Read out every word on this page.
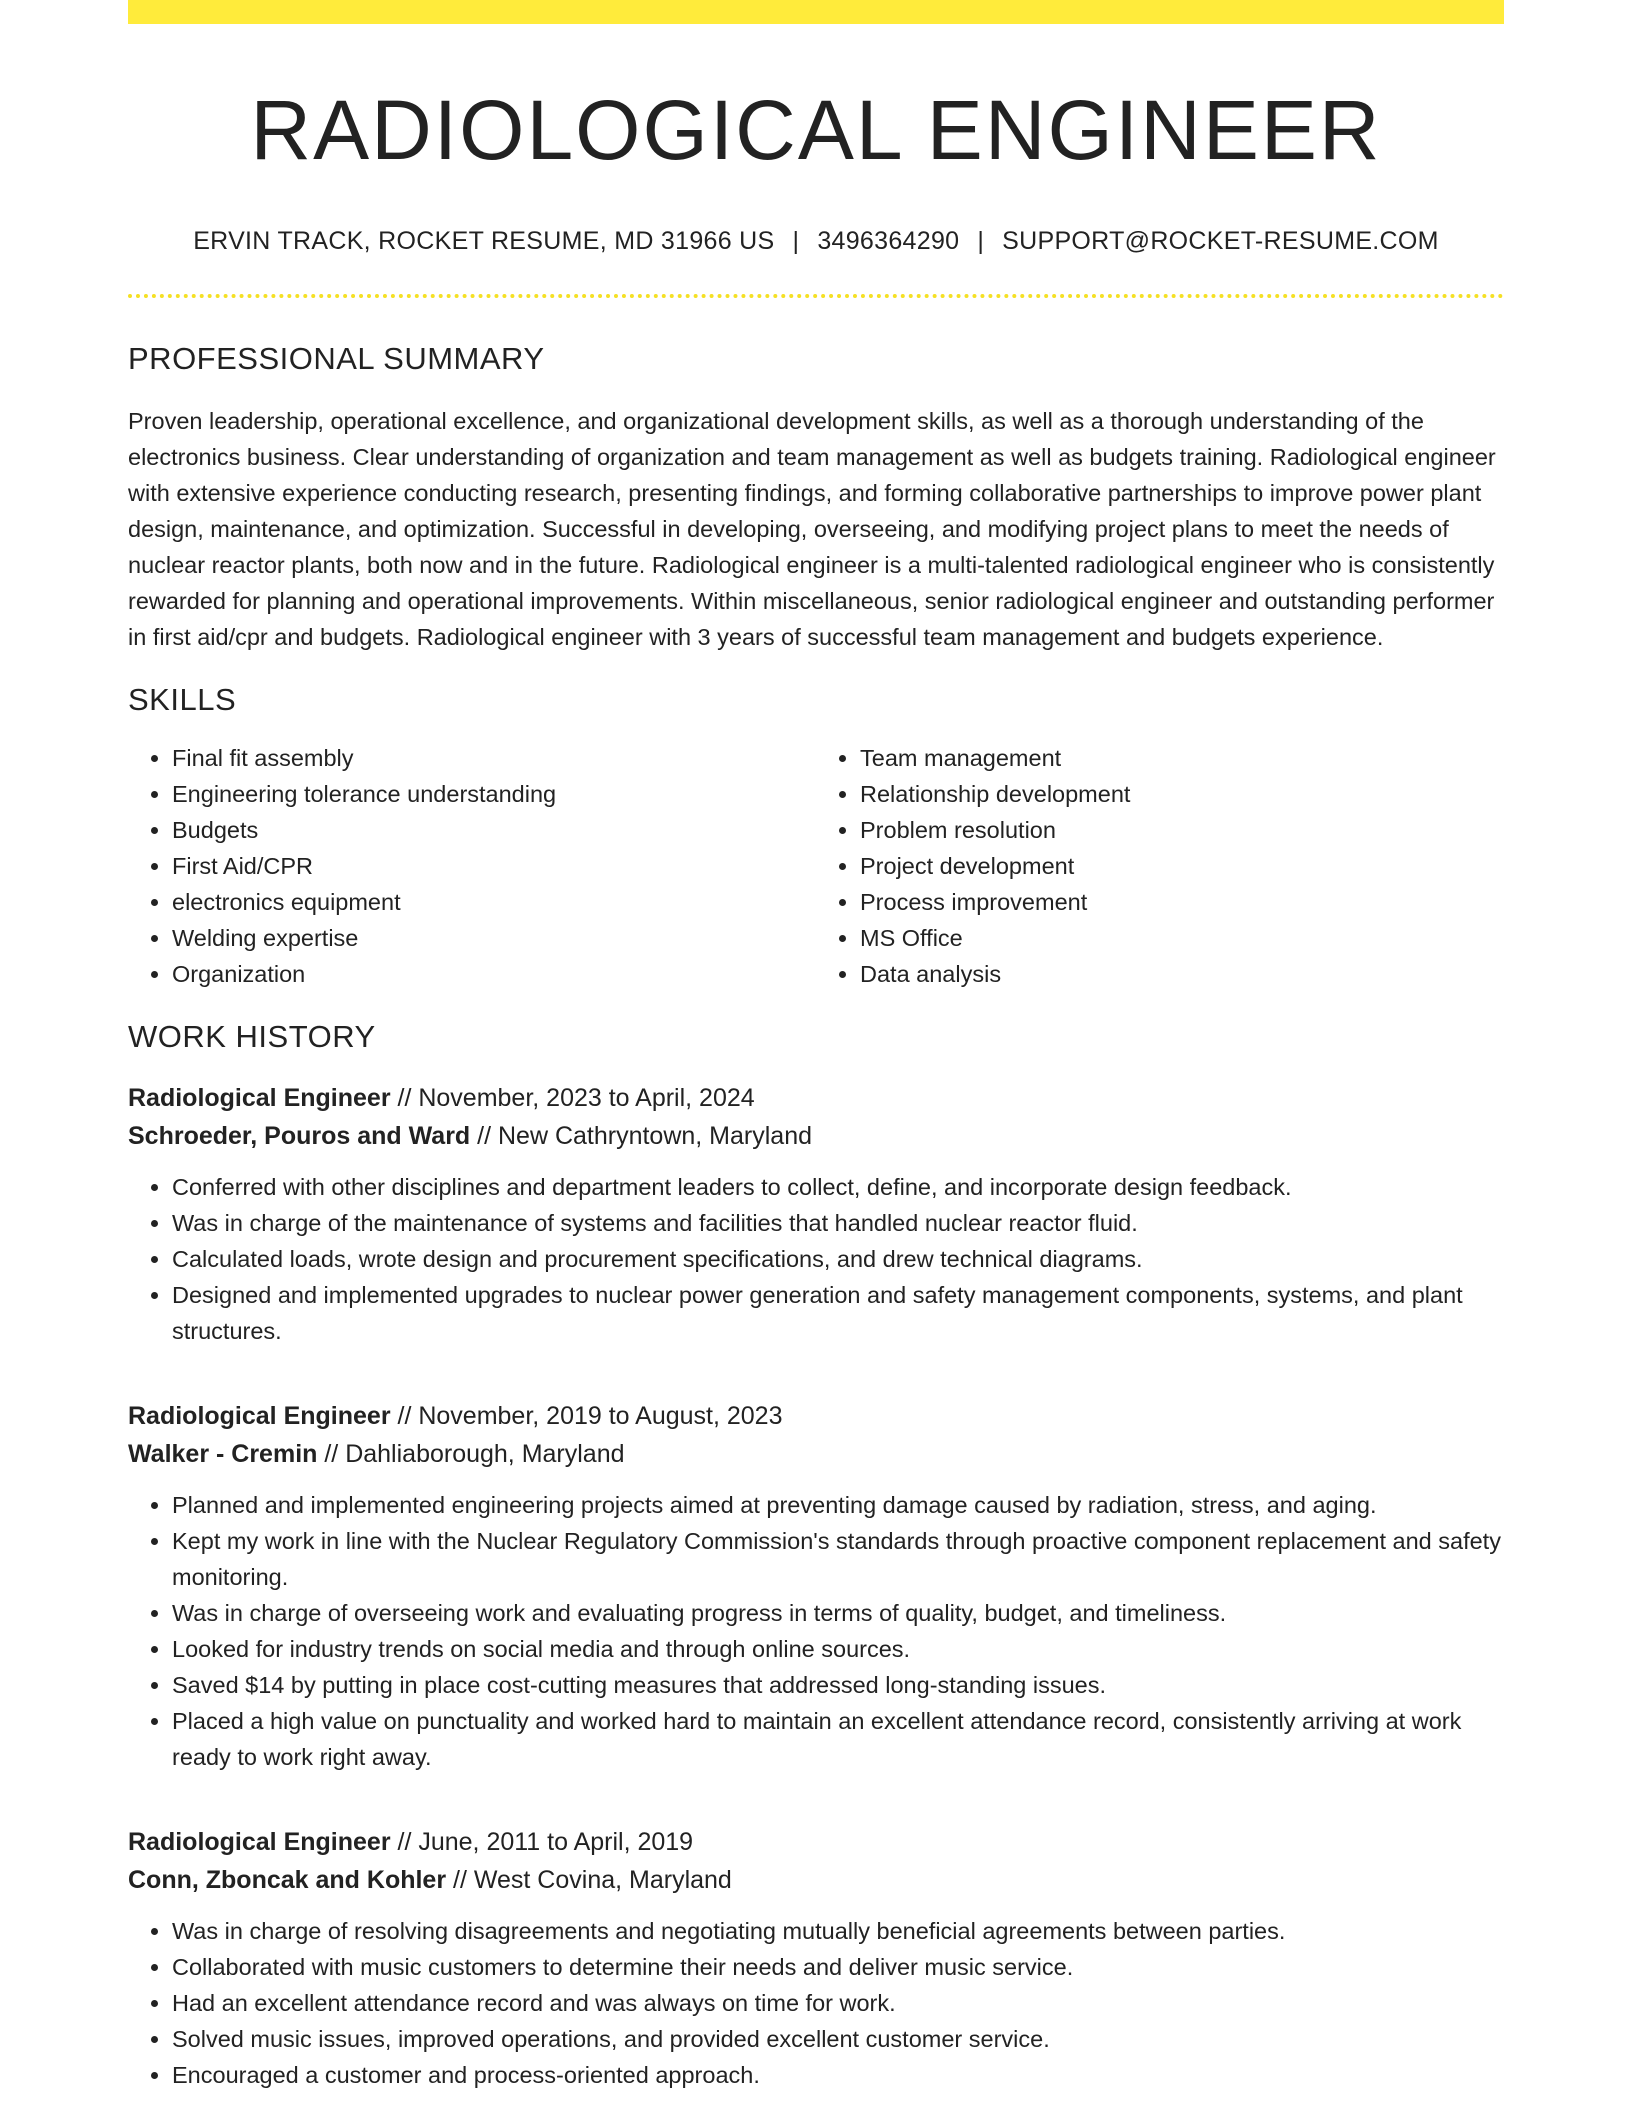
RADIOLOGICAL ENGINEER
ERVIN TRACK, ROCKET RESUME, MD 31966 US | 3496364290 | SUPPORT@ROCKET-RESUME.COM
PROFESSIONAL SUMMARY

Proven leadership, operational excellence, and organizational development skills, as well as a thorough understanding of the electronics business. Clear understanding of organization and team management as well as budgets training. Radiological engineer with extensive experience conducting research, presenting findings, and forming collaborative partnerships to improve power plant design, maintenance, and optimization. Successful in developing, overseeing, and modifying project plans to meet the needs of nuclear reactor plants, both now and in the future. Radiological engineer is a multi-talented radiological engineer who is consistently rewarded for planning and operational improvements. Within miscellaneous, senior radiological engineer and outstanding performer in first aid/cpr and budgets. Radiological engineer with 3 years of successful team management and budgets experience.

SKILLS
• Final fit assembly
• Engineering tolerance understanding
• Budgets
• First Aid/CPR
• electronics equipment
• Welding expertise
• Organization
• Team management
• Relationship development
• Problem resolution
• Project development
• Process improvement
• MS Office
• Data analysis
WORK HISTORY
Radiological Engineer // November, 2023 to April, 2024
Schroeder, Pouros and Ward // New Cathryntown, Maryland
• Conferred with other disciplines and department leaders to collect, define, and incorporate design feedback.
• Was in charge of the maintenance of systems and facilities that handled nuclear reactor fluid.
• Calculated loads, wrote design and procurement specifications, and drew technical diagrams.
• Designed and implemented upgrades to nuclear power generation and safety management components, systems, and plant structures.
Radiological Engineer // November, 2019 to August, 2023
Walker - Cremin // Dahliaborough, Maryland
• Planned and implemented engineering projects aimed at preventing damage caused by radiation, stress, and aging.
• Kept my work in line with the Nuclear Regulatory Commission's standards through proactive component replacement and safety monitoring.
• Was in charge of overseeing work and evaluating progress in terms of quality, budget, and timeliness.
• Looked for industry trends on social media and through online sources.
• Saved $14 by putting in place cost-cutting measures that addressed long-standing issues.
• Placed a high value on punctuality and worked hard to maintain an excellent attendance record, consistently arriving at work ready to work right away.
Radiological Engineer // June, 2011 to April, 2019
Conn, Zboncak and Kohler // West Covina, Maryland
• Was in charge of resolving disagreements and negotiating mutually beneficial agreements between parties.
• Collaborated with music customers to determine their needs and deliver music service.
• Had an excellent attendance record and was always on time for work.
• Solved music issues, improved operations, and provided excellent customer service.
• Encouraged a customer and process-oriented approach.
